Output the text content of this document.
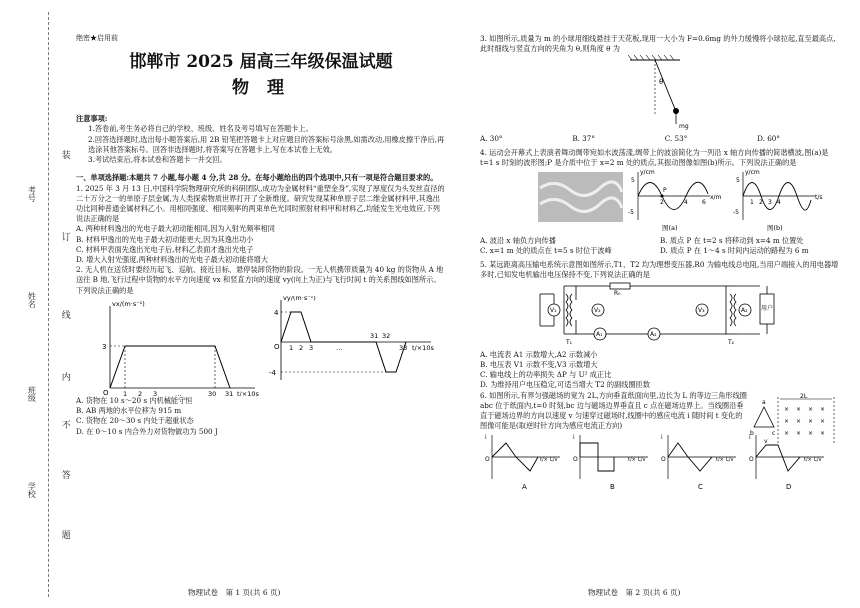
考号
姓名
班级
学校
装
订
线
内
不
答
题

绝密★启用前

邯郸市 2025 届高三年级保温试题

物 理

注意事项:

1.答卷前,考生务必将自己的学校、班级、姓名及考号填写在答题卡上。

2.回答选择题时,选出每小题答案后,用 2B 铅笔把答题卡上对应题目的答案标号涂黑,如需改动,用橡皮擦干净后,再选涂其他答案标号。回答非选择题时,将答案写在答题卡上,写在本试卷上无效。

3.考试结束后,将本试卷和答题卡一并交回。

一、单项选择题:本题共 7 小题,每小题 4 分,共 28 分。在每小题给出的四个选项中,只有一项是符合题目要求的。

1. 2025 年 3 月 13 日,中国科学院物理研究所的科研团队,成功为金属材料“重塑金身”,实现了厚度仅为头发丝直径的二十万分之一的单原子层金属,为人类探索物质世界打开了全新维度。研究发现某种单原子层二维金属材料甲,其逸出功比同种普通金属材料乙小。用相同强度、相同频率的两束单色光同时照射材料甲和材料乙,均能发生光电效应,下列说法正确的是

A. 两种材料逸出的光电子最大初动能相同,因为入射光频率相同

B. 材料甲逸出的光电子最大初动能更大,因为其逸出功小

C. 材料甲表面先逸出光电子后,材料乙表面才逸出光电子

D. 增大入射光强度,两种材料逸出的光电子最大初动能将增大

2. 无人机在送货时要经历起飞、巡航、接近目标、悬停装卸货物的阶段。一无人机携带质量为 40 kg 的货物从 A 地送往 B 地,飞行过程中货物的水平方向速度 vx 和竖直方向的速度 vy(向上为正)与飞行时间 t 的关系图线如图所示。下列说法正确的是

vx/(m·s⁻¹)
3
O 1 2 3	…	30 31 t/×10s
vy/(m·s⁻¹)
4
-4
O 1 2 3	…
31 32
33 t/×10s

A. 货物在 10 s～20 s 内机械能守恒

B. AB 两地的水平位移为 915 m

C. 货物在 20～30 s 内处于超重状态

D. 在 0～10 s 内合外力对货物做功为 500 J

3. 如图所示,质量为 m 的小球用细线悬挂于天花板,现用一大小为 F=0.6mg 的外力缓慢将小球拉起,直至最高点,此时细线与竖直方向的夹角为 θ,则角度 θ 为

θ
mg
A. 30°	B. 37°	C. 53°	D. 60°

4. 运动会开幕式上表演者舞动绸带宛如水波荡漾,绸带上的波浪简化为一列沿 x 轴方向传播的简谐横波,图(a)是 t=1 s 时刻的波形图;P 是介质中位于 x=2 m 处的质点,其振动图像如图(b)所示。下列说法正确的是

y/cm
5
-5
P
2	4 6
x/m
图(a)
y/cm
5
-5
1 2 3 4
t/s
图(b)
A. 波沿 x 轴负方向传播	B. 质点 P 在 t=2 s 将移动到 x=4 m 位置处
C. x=1 m 处的质点在 t=5 s 时位于波峰	D. 质点 P 在 1～4 s 时间内运动的路程为 6 m

5. 某远距离高压输电系统示意图如图所示,T1、T2 均为理想变压器,R0 为输电线总电阻,当用户端接入的用电器增多时,已知发电机输出电压保持不变,下列说法正确的是

R₀
V₁	V₂	V₃	A₂
A₁	A₂
T₁	T₂
用户

A. 电流表 A1 示数增大,A2 示数减小

B. 电压表 V1 示数不变,V3 示数增大

C. 输电线上的功率损失 ΔP 与 U² 成正比

D. 为维持用户电压稳定,可适当增大 T2 的副线圈匝数

6. 如图所示,有界匀强磁场的宽为 2L,方向垂直纸面向里,边长为 L 的等边三角形线圈 abc 位于纸面内,t=0 时刻,bc 边与磁场边界垂直且 c 点在磁场边界上。当线圈沿垂直于磁场边界的方向以速度 v 匀速穿过磁场时,线圈中的感应电流 i 随时间 t 变化的图像可能是(取逆时针方向为感应电流正方向)

2L
× × × ×
× × × ×
× × × ×
a
b	c
v
i
O	t/× L/v
A
i
O	t/× L/v
B
i
O	t/× L/v
C
i
O	t/× L/v
D
物理试卷　第 1 页(共 6 页)	物理试卷　第 2 页(共 6 页)
